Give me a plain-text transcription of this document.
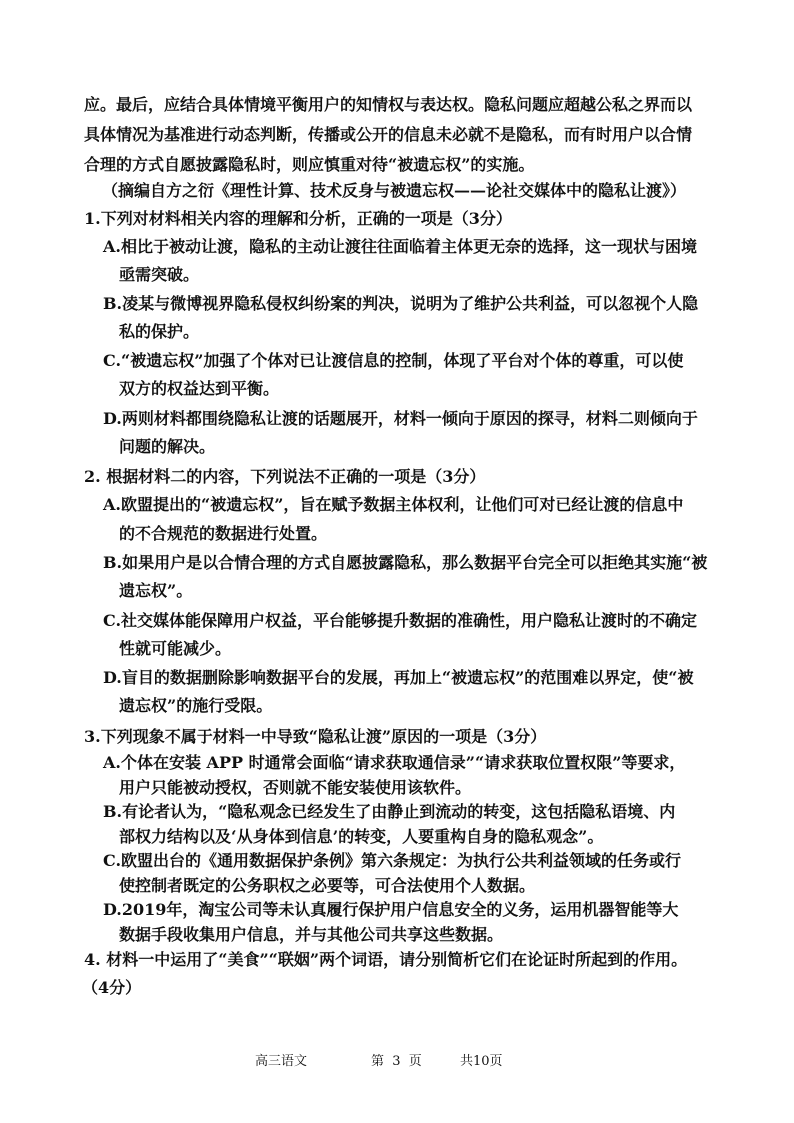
应。最后，应结合具体情境平衡用户的知情权与表达权。隐私问题应超越公私之界而以
具体情况为基准进行动态判断，传播或公开的信息未必就不是隐私，而有时用户以合情
合理的方式自愿披露隐私时，则应慎重对待“被遗忘权”的实施。
（摘编自方之衍《理性计算、技术反身与被遗忘权——论社交媒体中的隐私让渡》）
1.下列对材料相关内容的理解和分析，正确的一项是（3分）
A.相比于被动让渡，隐私的主动让渡往往面临着主体更无奈的选择，这一现状与困境
亟需突破。
B.凌某与微博视界隐私侵权纠纷案的判决，说明为了维护公共利益，可以忽视个人隐
私的保护。
C.“被遗忘权”加强了个体对已让渡信息的控制，体现了平台对个体的尊重，可以使
双方的权益达到平衡。
D.两则材料都围绕隐私让渡的话题展开，材料一倾向于原因的探寻，材料二则倾向于
问题的解决。
2. 根据材料二的内容，下列说法不正确的一项是（3分）
A.欧盟提出的“被遗忘权”，旨在赋予数据主体权利，让他们可对已经让渡的信息中
的不合规范的数据进行处置。
B.如果用户是以合情合理的方式自愿披露隐私，那么数据平台完全可以拒绝其实施“被
遗忘权”。
C.社交媒体能保障用户权益，平台能够提升数据的准确性，用户隐私让渡时的不确定
性就可能减少。
D.盲目的数据删除影响数据平台的发展，再加上“被遗忘权”的范围难以界定，使“被
遗忘权”的施行受限。
3.下列现象不属于材料一中导致“隐私让渡”原因的一项是（3分）
A.个体在安装 APP 时通常会面临“请求获取通信录”“请求获取位置权限”等要求，
用户只能被动授权，否则就不能安装使用该软件。
B.有论者认为，“隐私观念已经发生了由静止到流动的转变，这包括隐私语境、内
部权力结构以及‘从身体到信息’的转变，人要重构自身的隐私观念”。
C.欧盟出台的《通用数据保护条例》第六条规定：为执行公共利益领域的任务或行
使控制者既定的公务职权之必要等，可合法使用个人数据。
D.2019年，淘宝公司等未认真履行保护用户信息安全的义务，运用机器智能等大
数据手段收集用户信息，并与其他公司共享这些数据。
4. 材料一中运用了“美食”“联姻”两个词语，请分别简析它们在论证时所起到的作用。
（4分）
高三语文	第  3  页	共10页
